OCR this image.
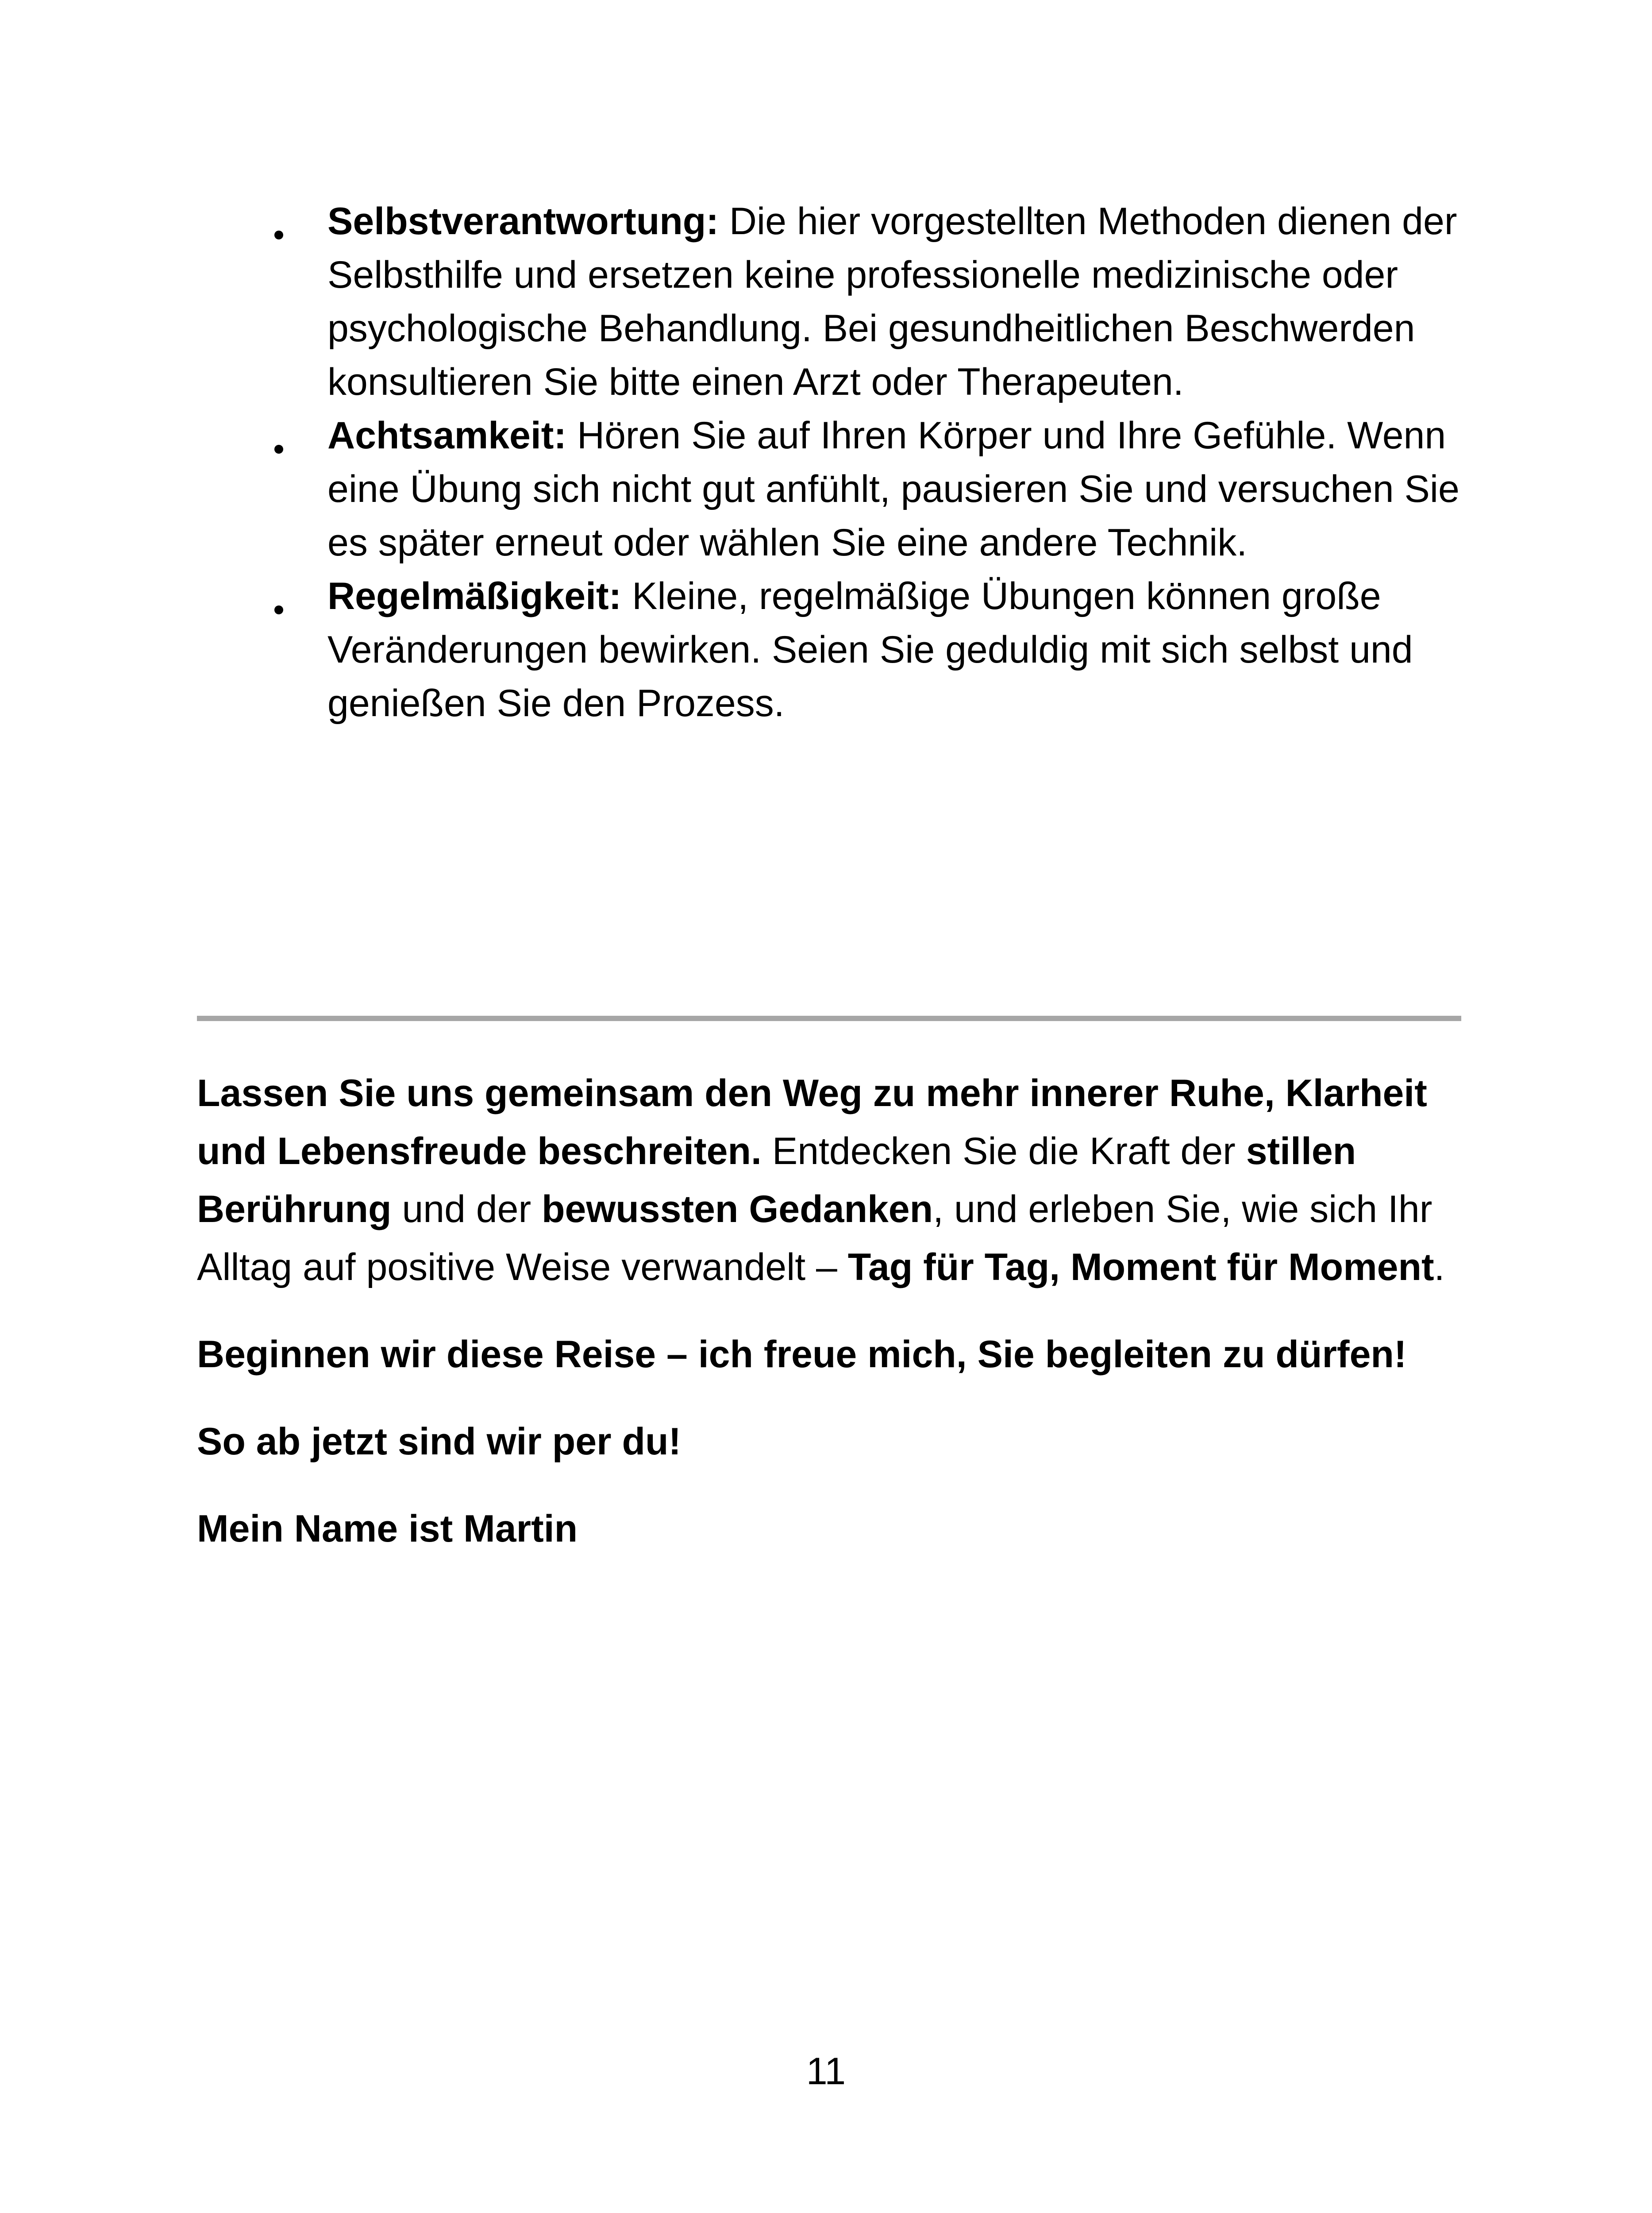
Selbstverantwortung: Die hier vorgestellten Methoden dienen der Selbsthilfe und ersetzen keine professionelle medizinische oder psychologische Behandlung. Bei gesundheitlichen Beschwerden konsultieren Sie bitte einen Arzt oder Therapeuten.
Achtsamkeit: Hören Sie auf Ihren Körper und Ihre Gefühle. Wenn eine Übung sich nicht gut anfühlt, pausieren Sie und versuchen Sie es später erneut oder wählen Sie eine andere Technik.
Regelmäßigkeit: Kleine, regelmäßige Übungen können große Veränderungen bewirken. Seien Sie geduldig mit sich selbst und genießen Sie den Prozess.

Lassen Sie uns gemeinsam den Weg zu mehr innerer Ruhe, Klarheit und Lebensfreude beschreiten. Entdecken Sie die Kraft der stillen Berührung und der bewussten Gedanken, und erleben Sie, wie sich Ihr Alltag auf positive Weise verwandelt – Tag für Tag, Moment für Moment.

Beginnen wir diese Reise – ich freue mich, Sie begleiten zu dürfen!

So ab jetzt sind wir per du!

Mein Name ist Martin

11
